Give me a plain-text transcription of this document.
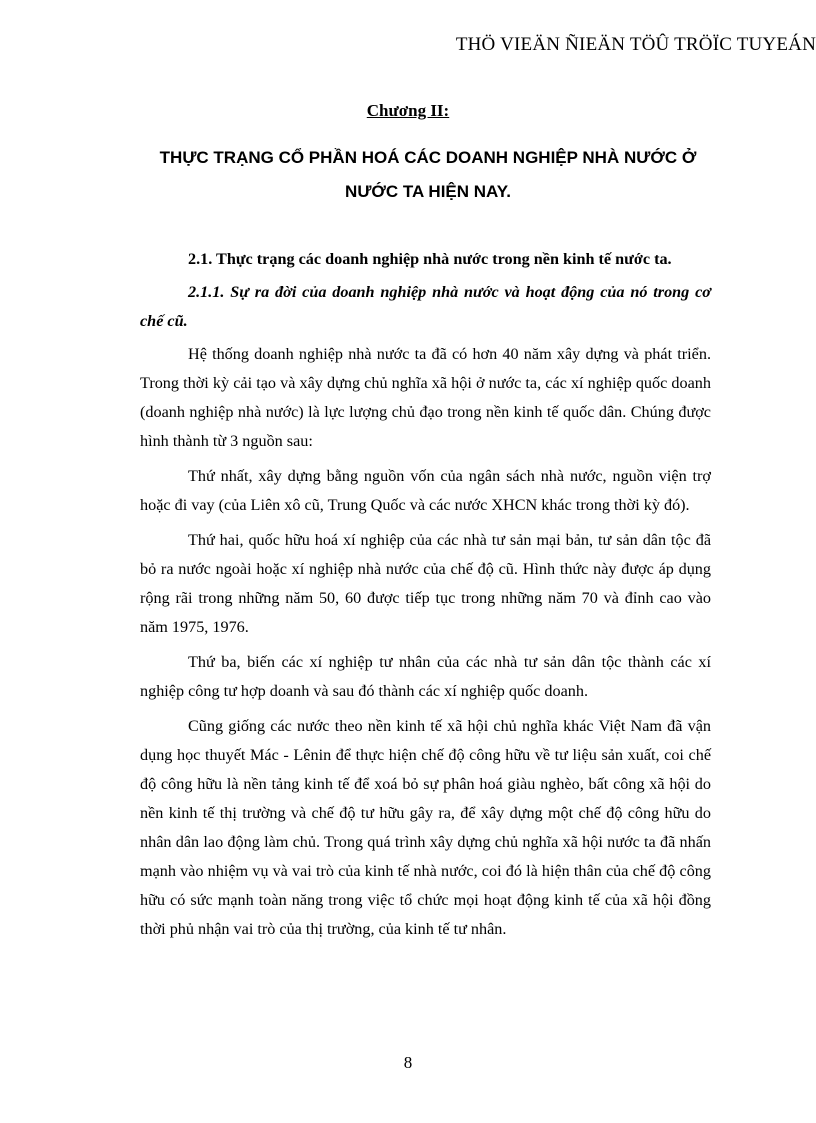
THÖ VIEÄN ÑIEÄN TÖÛ TRÖÏC TUYEÁN
Chương II:
THỰC TRẠNG CỔ PHẦN HOÁ CÁC DOANH NGHIỆP NHÀ NƯỚC Ở NƯỚC TA HIỆN NAY.

2.1. Thực trạng các doanh nghiệp nhà nước trong nền kinh tế nước ta.

2.1.1. Sự ra đời của doanh nghiệp nhà nước và hoạt động của nó trong cơ chế cũ.

Hệ thống doanh nghiệp nhà nước ta đã có hơn 40 năm xây dựng và phát triển. Trong thời kỳ cải tạo và xây dựng chủ nghĩa xã hội ở nước ta, các xí nghiệp quốc doanh (doanh nghiệp nhà nước) là lực lượng chủ đạo trong nền kinh tế quốc dân. Chúng được hình thành từ 3 nguồn sau:

Thứ nhất, xây dựng bằng nguồn vốn của ngân sách nhà nước, nguồn viện trợ hoặc đi vay (của Liên xô cũ, Trung Quốc và các nước XHCN khác trong thời kỳ đó).

Thứ hai, quốc hữu hoá xí nghiệp của các nhà tư sản mại bản, tư sản dân tộc đã bỏ ra nước ngoài hoặc xí nghiệp nhà nước của chế độ cũ. Hình thức này được áp dụng rộng rãi trong những năm 50, 60 được tiếp tục trong những năm 70 và đỉnh cao vào năm 1975, 1976.

Thứ ba, biến các xí nghiệp tư nhân của các nhà tư sản dân tộc thành các xí nghiệp công tư hợp doanh và sau đó thành các xí nghiệp quốc doanh.

Cũng giống các nước theo nền kinh tế xã hội chủ nghĩa khác Việt Nam đã vận dụng học thuyết Mác - Lênin để thực hiện chế độ công hữu về tư liệu sản xuất, coi chế độ công hữu là nền tảng kinh tế để xoá bỏ sự phân hoá giàu nghèo, bất công xã hội do nền kinh tế thị trường và chế độ tư hữu gây ra, để xây dựng một chế độ công hữu do nhân dân lao động làm chủ. Trong quá trình xây dựng chủ nghĩa xã hội nước ta đã nhấn mạnh vào nhiệm vụ và vai trò của kinh tế nhà nước, coi đó là hiện thân của chế độ công hữu có sức mạnh toàn năng trong việc tổ chức mọi hoạt động kinh tế của xã hội đồng thời phủ nhận vai trò của thị trường, của kinh tế tư nhân.

8
